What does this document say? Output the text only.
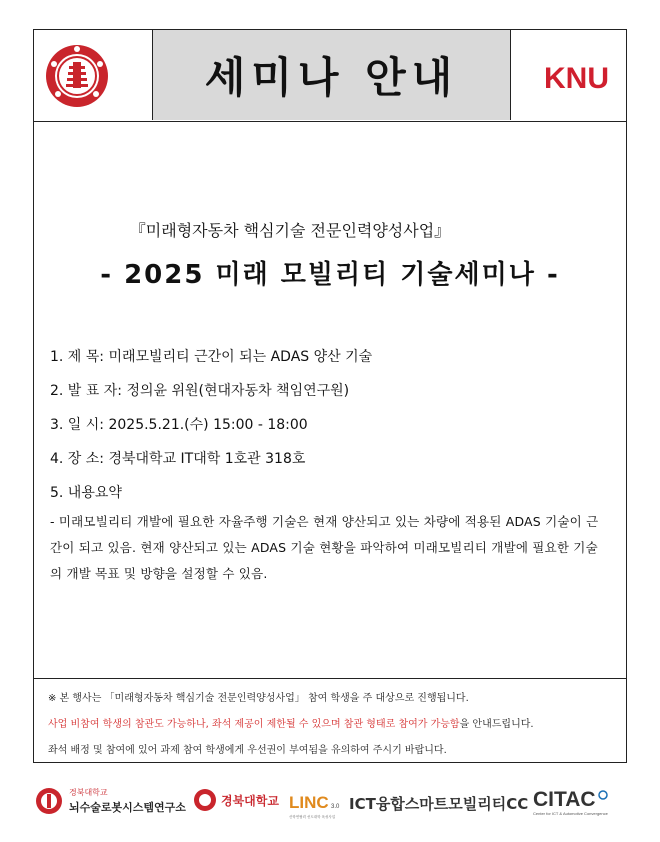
세미나 안내	KNU
『미래형자동차 핵심기술 전문인력양성사업』
- 2025 미래 모빌리티 기술세미나 -
1. 제 목: 미래모빌리티 근간이 되는 ADAS 양산 기술
2. 발 표 자: 정의윤 위원(현대자동차 책임연구원)
3. 일 시: 2025.5.21.(수) 15:00 - 18:00
4. 장 소: 경북대학교 IT대학 1호관 318호
5. 내용요약
- 미래모빌리티 개발에 필요한 자율주행 기술은 현재 양산되고 있는 차량에 적용된 ADAS 기술이 근간이 되고 있음. 현재 양산되고 있는 ADAS 기술 현황을 파악하여 미래모빌리티 개발에 필요한 기술의 개발 목표 및 방향을 설정할 수 있음.
※ 본 행사는 「미래형자동차 핵심기술 전문인력양성사업」 참여 학생을 주 대상으로 진행됩니다.
사업 비참여 학생의 참관도 가능하나, 좌석 제공이 제한될 수 있으며 참관 형태로 참여가 가능함을 안내드립니다.
좌석 배정 및 참여에 있어 과제 참여 학생에게 우선권이 부여됨을 유의하여 주시기 바랍니다.
경북대학교
뇌수술로봇시스템연구소	경북대학교 LINC 3.0
산학연협력 선도대학 육성사업
ICT융합스마트모빌리티CC CITAC
Center for ICT & Automotive Convergence
